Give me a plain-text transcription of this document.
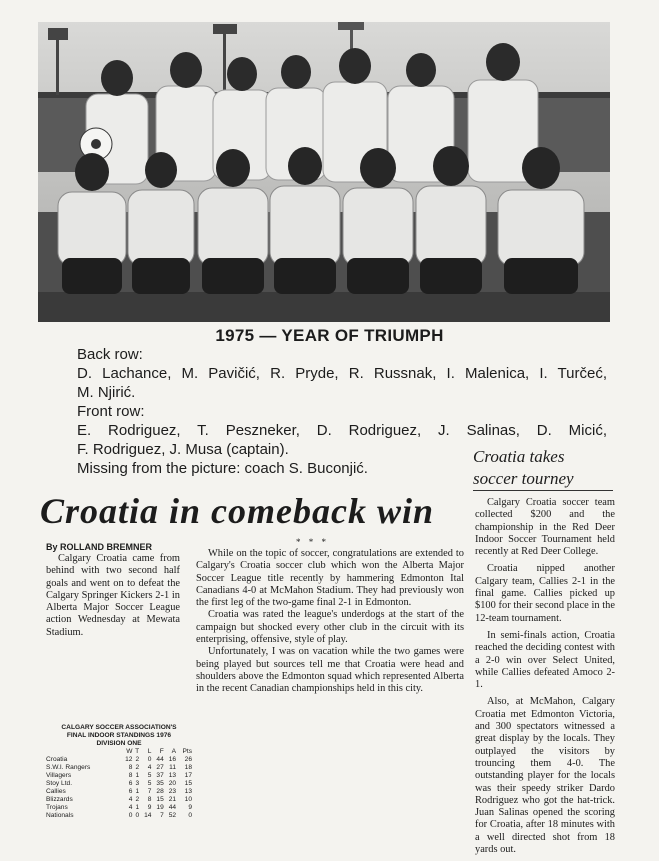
1975 — YEAR OF TRIUMPH
Back row:
D. Lachance, M. Pavičić, R. Pryde, R. Russnak, I. Malenica, I. Turčeć,
M. Njirić.
Front row:
E. Rodriguez, T. Peszneker, D. Rodriguez, J. Salinas, D. Micić,
F. Rodriguez, J. Musa (captain).
Missing from the picture: coach S. Buconjić.
Croatia takes soccer tourney
Croatia in comeback win
By ROLLAND BREMNER

Calgary Croatia came from behind with two second half goals and went on to defeat the Calgary Springer Kickers 2-1 in Alberta Major Soccer League action Wednesday at Mewata Stadium.

* * *

While on the topic of soccer, congratulations are extended to Calgary's Croatia soccer club which won the Alberta Major Soccer League title recently by hammering Edmonton Ital Canadians 4-0 at McMahon Stadium. They had previously won the first leg of the two-game final 2-1 in Edmonton.

Croatia was rated the league's underdogs at the start of the campaign but shocked every other club in the circuit with its enterprising, offensive, style of play.

Unfortunately, I was on vacation while the two games were being played but sources tell me that Croatia were head and shoulders above the Edmonton squad which represented Alberta in the recent Canadian championships held in this city.

Calgary Croatia soccer team collected $200 and the championship in the Red Deer Indoor Soccer Tournament held recently at Red Deer College.

Croatia nipped another Calgary team, Callies 2-1 in the final game. Callies picked up $100 for their second place in the 12-team tournament.

In semi-finals action, Croatia reached the deciding contest with a 2-0 win over Select United, while Callies defeated Amoco 2-1.

Also, at McMahon, Calgary Croatia met Edmonton Victoria, and 300 spectators witnessed a great display by the locals. They outplayed the visitors by trouncing them 4-0. The outstanding player for the locals was their speedy striker Dardo Rodriguez who got the hat-trick. Juan Salinas opened the scoring for Croatia, after 18 minutes with a well directed shot from 18 yards out.

CALGARY SOCCER ASSOCIATION'S
FINAL INDOOR STANDINGS 1976
DIVISION ONE
	W	T	L	F	A	Pts
Croatia	12	2	0	44	16	26
S.W.I. Rangers	8	2	4	27	11	18
Villagers	8	1	5	37	13	17
Stoy Ltd.	6	3	5	35	20	15
Callies	6	1	7	28	23	13
Blizzards	4	2	8	15	21	10
Trojans	4	1	9	19	44	9
Nationals	0	0	14	7	52	0
